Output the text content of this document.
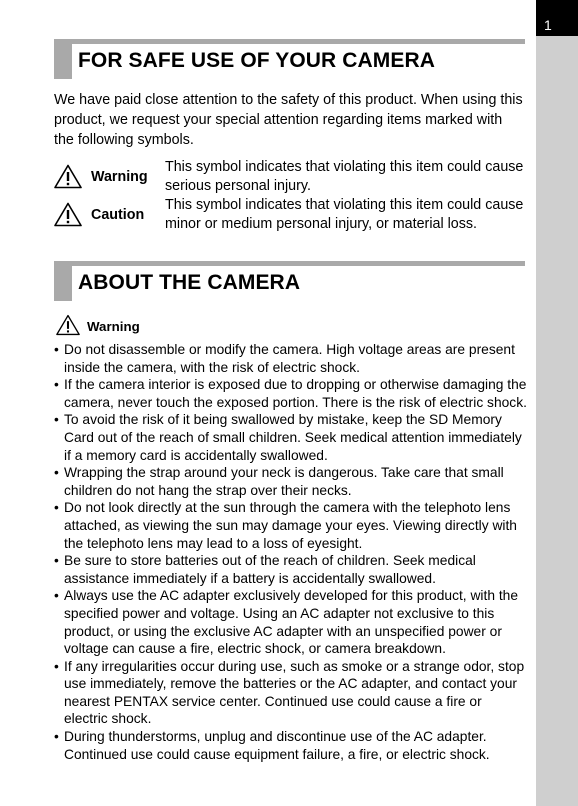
1
FOR SAFE USE OF YOUR CAMERA

We have paid close attention to the safety of this product. When using this product, we request your special attention regarding items marked with the following symbols.

Warning
This symbol indicates that violating this item could cause serious personal injury.
Caution
This symbol indicates that violating this item could cause minor or medium personal injury, or material loss.
ABOUT THE CAMERA
Warning
• Do not disassemble or modify the camera. High voltage areas are present inside the camera, with the risk of electric shock.
• If the camera interior is exposed due to dropping or otherwise damaging the camera, never touch the exposed portion. There is the risk of electric shock.
• To avoid the risk of it being swallowed by mistake, keep the SD Memory Card out of the reach of small children. Seek medical attention immediately if a memory card is accidentally swallowed.
• Wrapping the strap around your neck is dangerous. Take care that small children do not hang the strap over their necks.
• Do not look directly at the sun through the camera with the telephoto lens attached, as viewing the sun may damage your eyes. Viewing directly with the telephoto lens may lead to a loss of eyesight.
• Be sure to store batteries out of the reach of children. Seek medical assistance immediately if a battery is accidentally swallowed.
• Always use the AC adapter exclusively developed for this product, with the specified power and voltage. Using an AC adapter not exclusive to this product, or using the exclusive AC adapter with an unspecified power or voltage can cause a fire, electric shock, or camera breakdown.
• If any irregularities occur during use, such as smoke or a strange odor, stop use immediately, remove the batteries or the AC adapter, and contact your nearest PENTAX service center. Continued use could cause a fire or electric shock.
• During thunderstorms, unplug and discontinue use of the AC adapter. Continued use could cause equipment failure, a fire, or electric shock.
